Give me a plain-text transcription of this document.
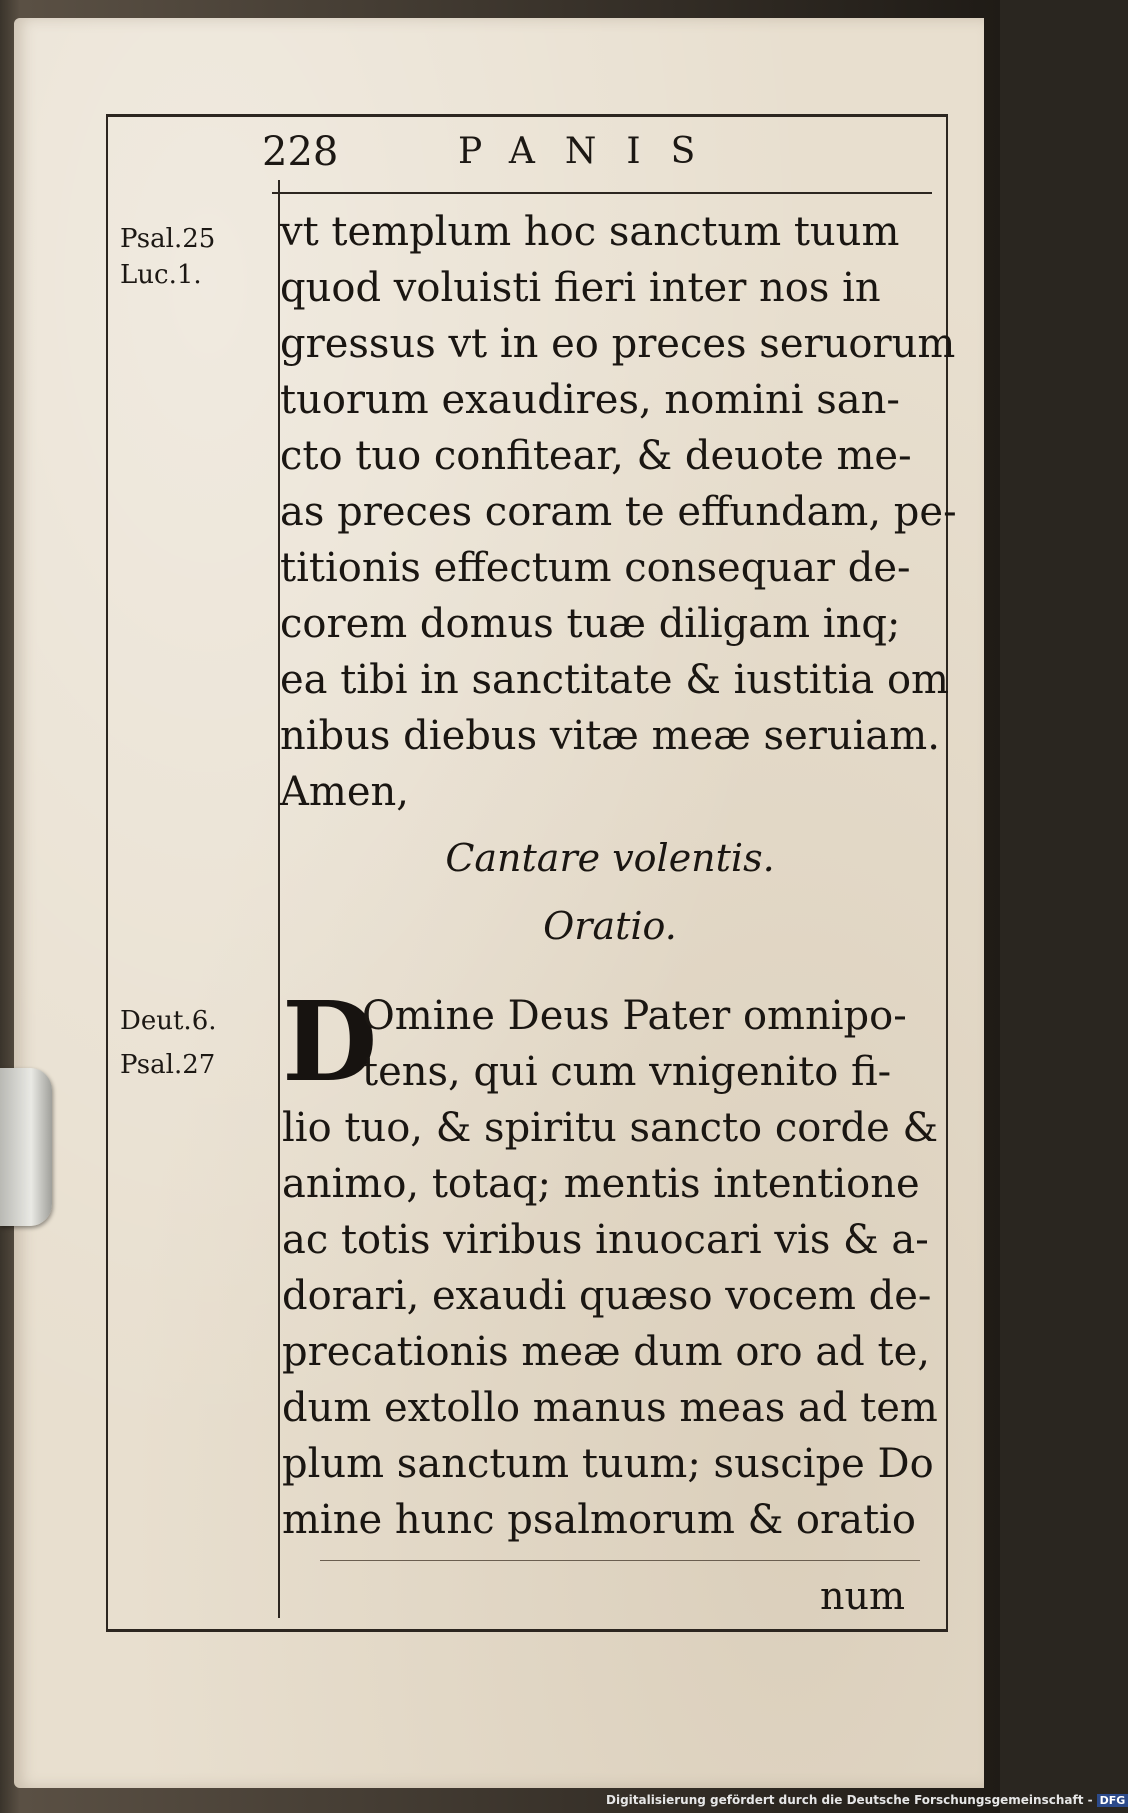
228	PANIS
Psal.25
Luc.1.
Deut.6.
Psal.27
vt templum hoc sanctum tuum
quod voluisti fieri inter nos in
gressus vt in eo preces seruorum
tuorum exaudires, nomini san-
cto tuo confitear, & deuote me-
as preces coram te effundam, pe-
titionis effectum consequar de-
corem domus tuæ diligam inq;
ea tibi in sanctitate & iustitia om
nibus diebus vitæ meæ seruiam.
Amen,
Cantare volentis.
Oratio.
D
Omine Deus Pater omnipo-
tens, qui cum vnigenito fi-
lio tuo, & spiritu sancto corde &
animo, totaq; mentis intentione
ac totis viribus inuocari vis & a-
dorari, exaudi quæso vocem de-
precationis meæ dum oro ad te,
dum extollo manus meas ad tem
plum sanctum tuum; suscipe Do
mine hunc psalmorum & oratio
num
Digitalisierung gefördert durch die Deutsche Forschungsgemeinschaft - DFG
